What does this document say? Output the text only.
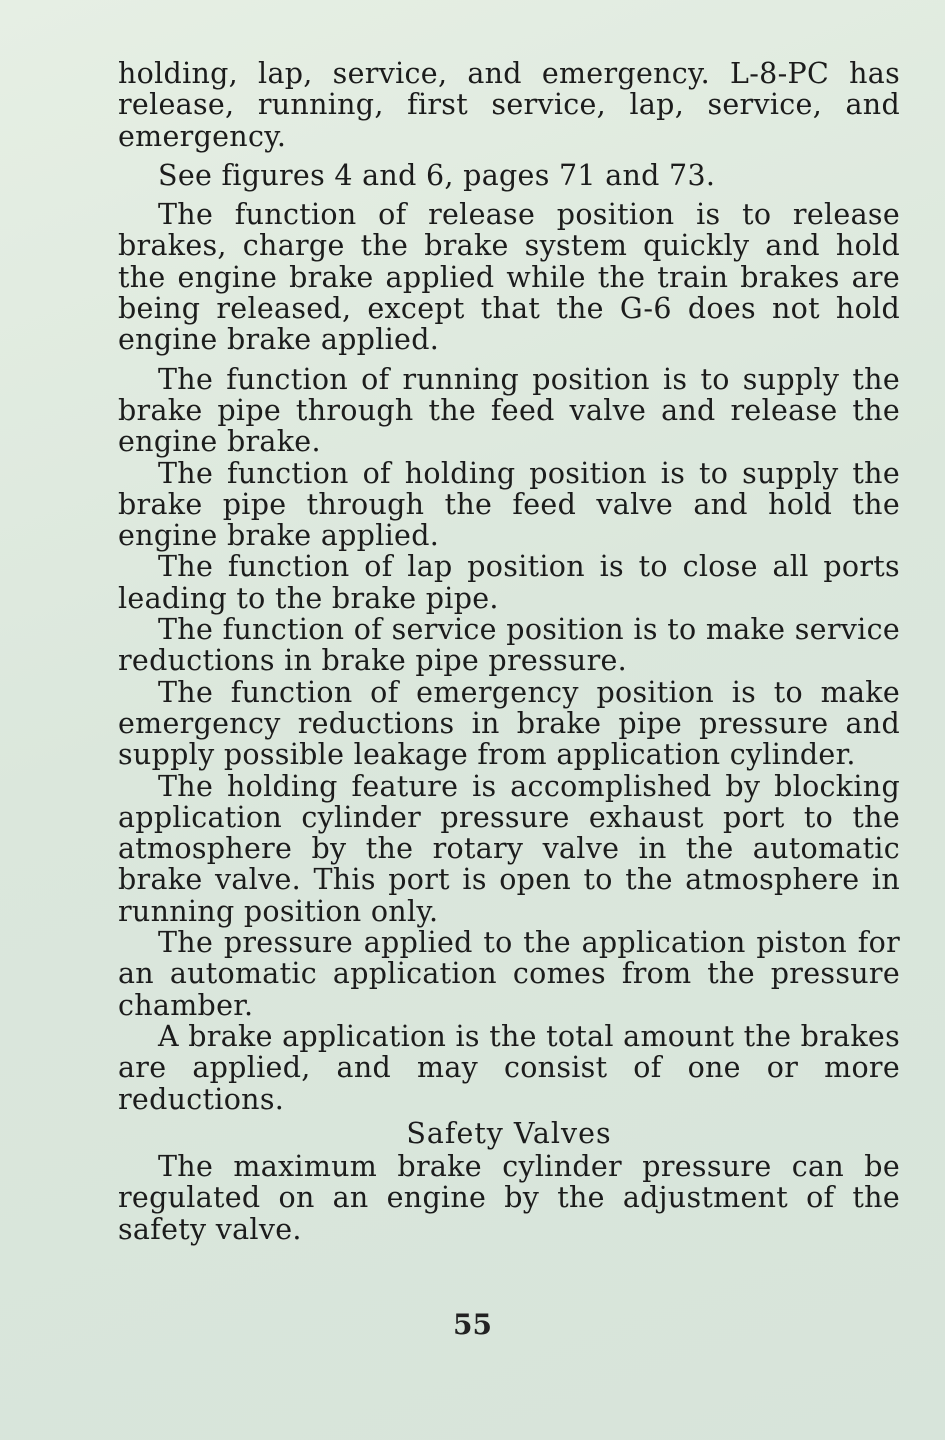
holding, lap, service, and emergency. L-8-PC has release, running, first service, lap, service, and emergency.

See figures 4 and 6, pages 71 and 73.

The function of release position is to release brakes, charge the brake system quickly and hold the engine brake applied while the train brakes are being released, except that the G-6 does not hold engine brake applied.

The function of running position is to supply the brake pipe through the feed valve and release the engine brake.

The function of holding position is to supply the brake pipe through the feed valve and hold the engine brake applied.

The function of lap position is to close all ports leading to the brake pipe.

The function of service position is to make service reductions in brake pipe pressure.

The function of emergency position is to make emergency reductions in brake pipe pressure and supply possible leakage from application cylinder.

The holding feature is accomplished by blocking application cylinder pressure exhaust port to the atmosphere by the rotary valve in the automatic brake valve. This port is open to the atmosphere in running position only.

The pressure applied to the application piston for an automatic application comes from the pressure chamber.

A brake application is the total amount the brakes are applied, and may consist of one or more reductions.

Safety Valves

The maximum brake cylinder pressure can be regulated on an engine by the adjustment of the safety valve.

55
